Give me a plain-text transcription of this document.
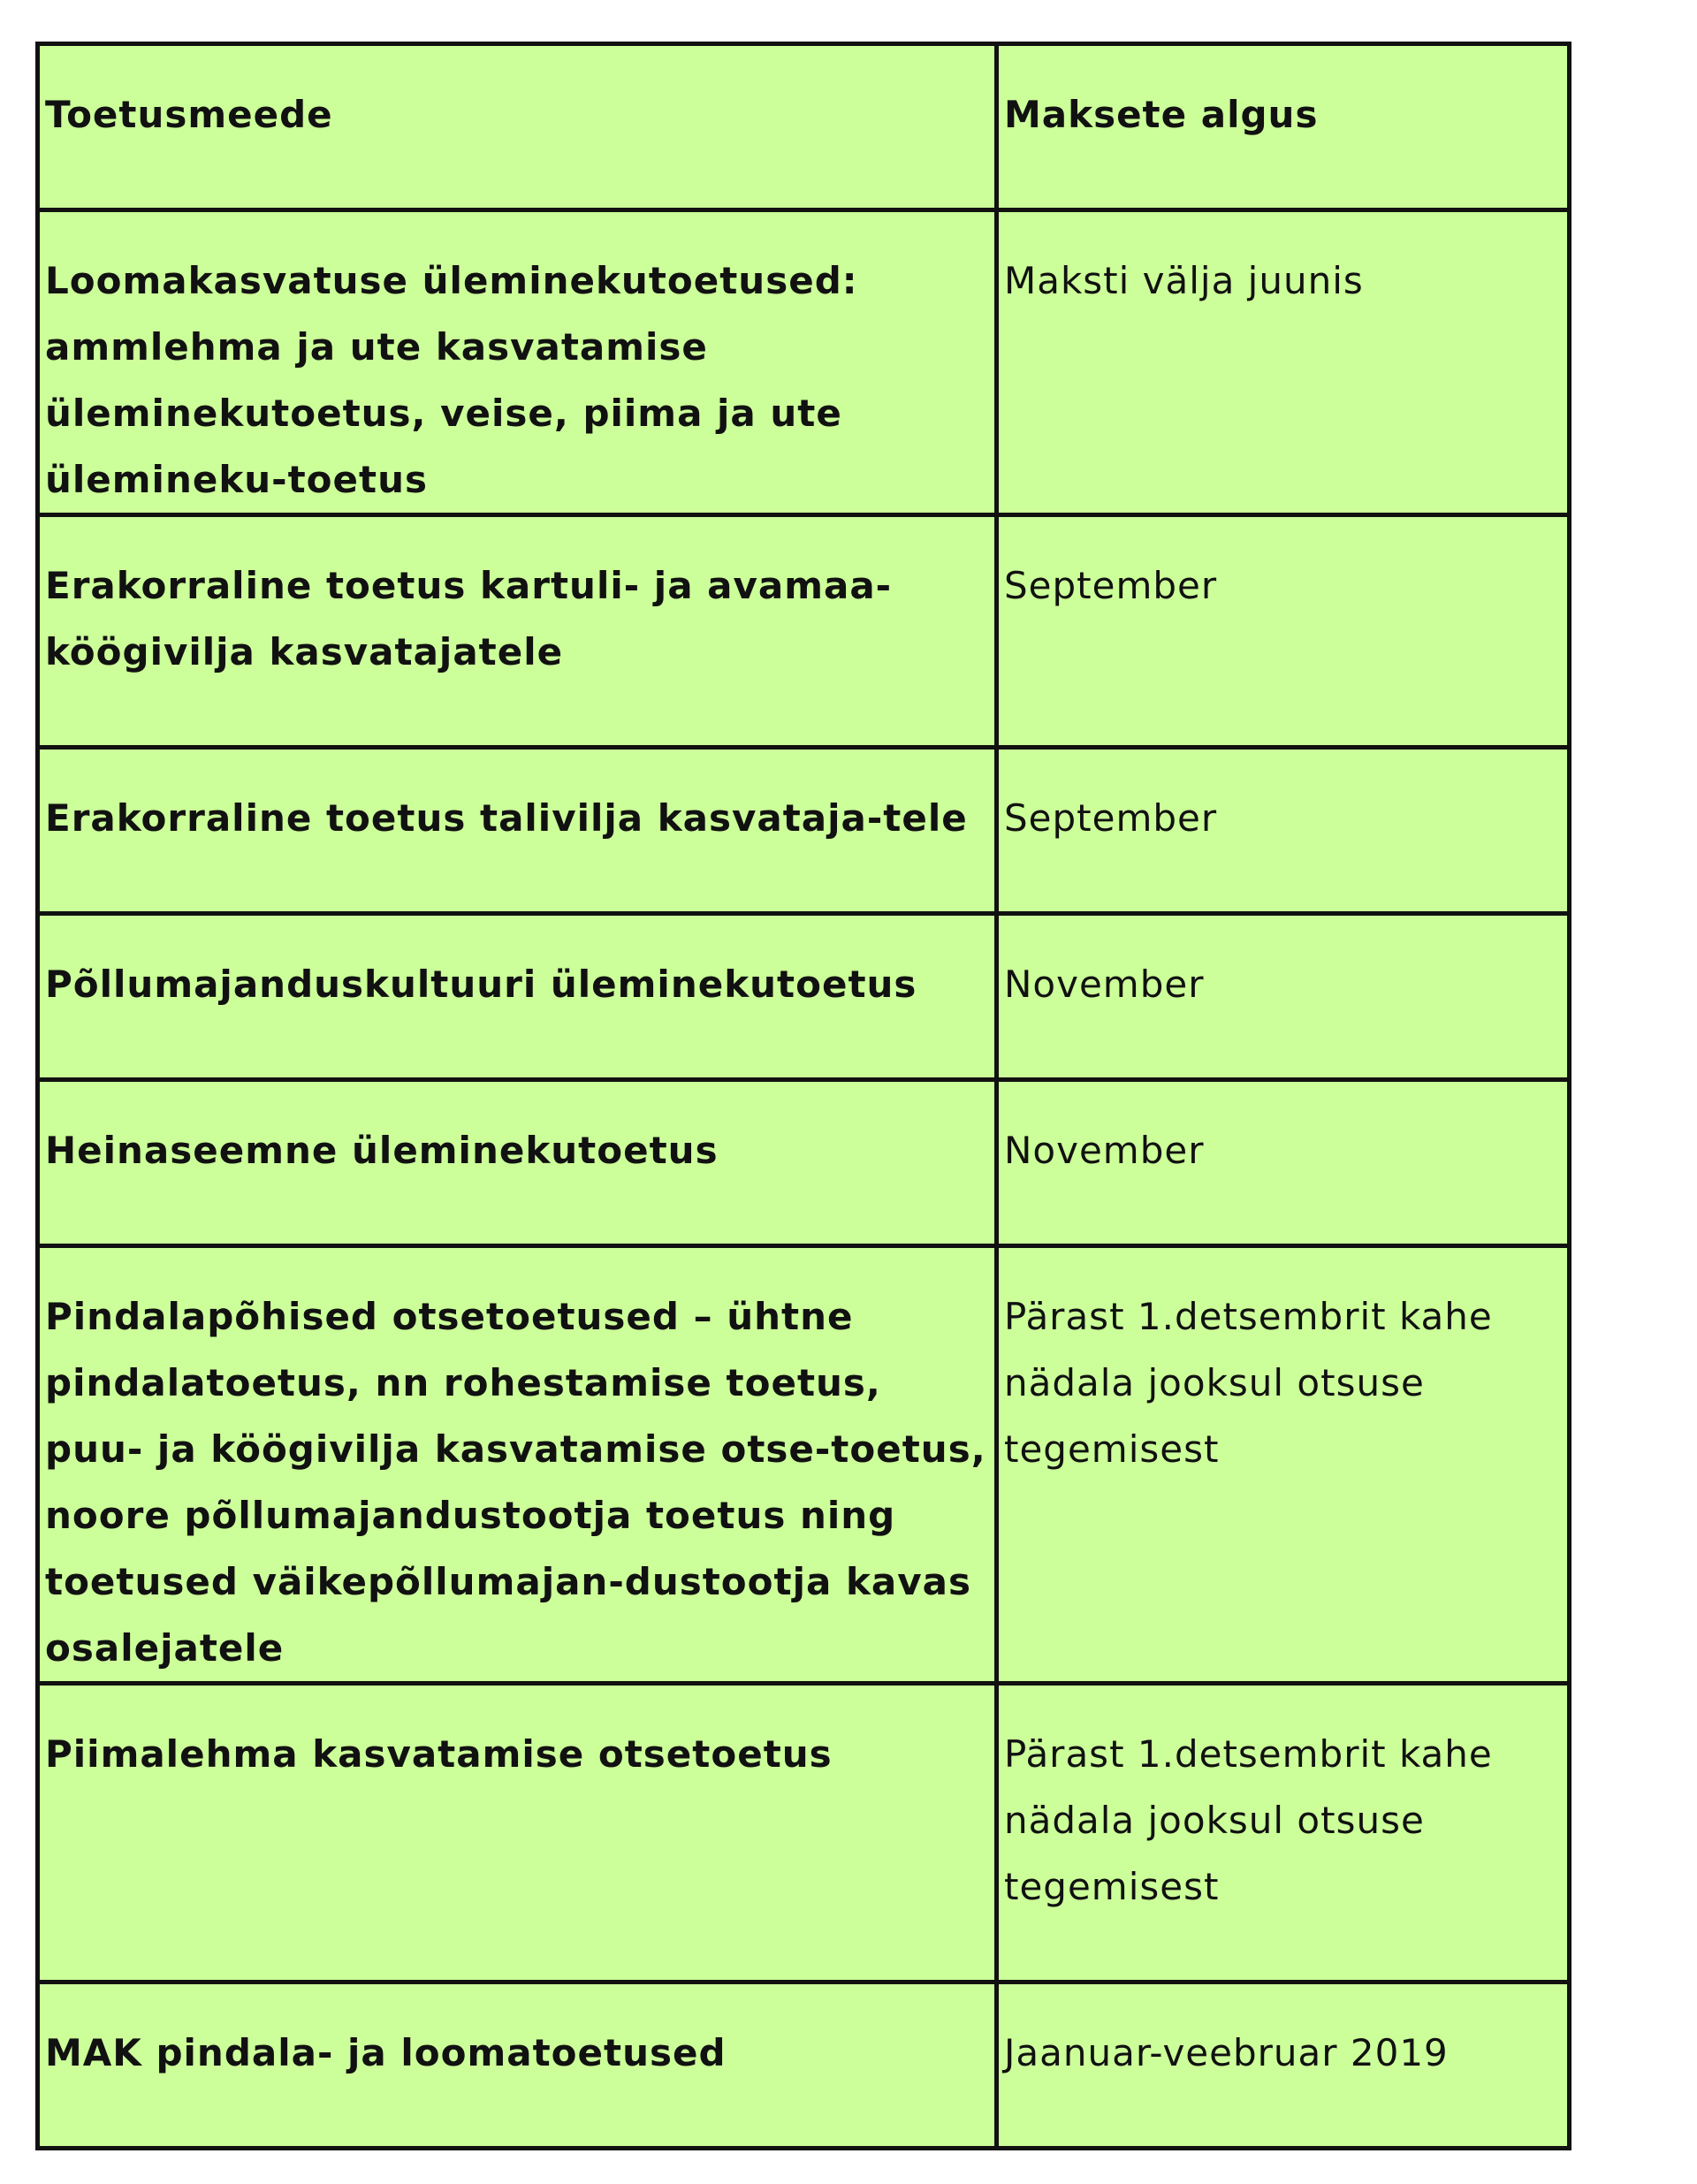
Toetusmeede	Maksete algus

Loomakasvatuse üleminekutoetused: ammlehma ja ute kasvatamise üleminekutoetus, veise, piima ja ute ülemineku-toetus	Maksti välja juunis

Erakorraline toetus kartuli- ja avamaa-köögivilja kasvatajatele	September

Erakorraline toetus talivilja kasvataja-tele	September

Põllumajanduskultuuri üleminekutoetus	November

Heinaseemne üleminekutoetus	November

Pindalapõhised otsetoetused – ühtne pindalatoetus, nn rohestamise toetus, puu- ja köögivilja kasvatamise otse-toetus, noore põllumajandustootja toetus ning toetused väikepõllumajan-dustootja kavas osalejatele	Pärast 1.detsembrit kahe nädala jooksul otsuse tegemisest

Piimalehma kasvatamise otsetoetus	Pärast 1.detsembrit kahe nädala jooksul otsuse tegemisest

MAK pindala- ja loomatoetused	Jaanuar-veebruar 2019
